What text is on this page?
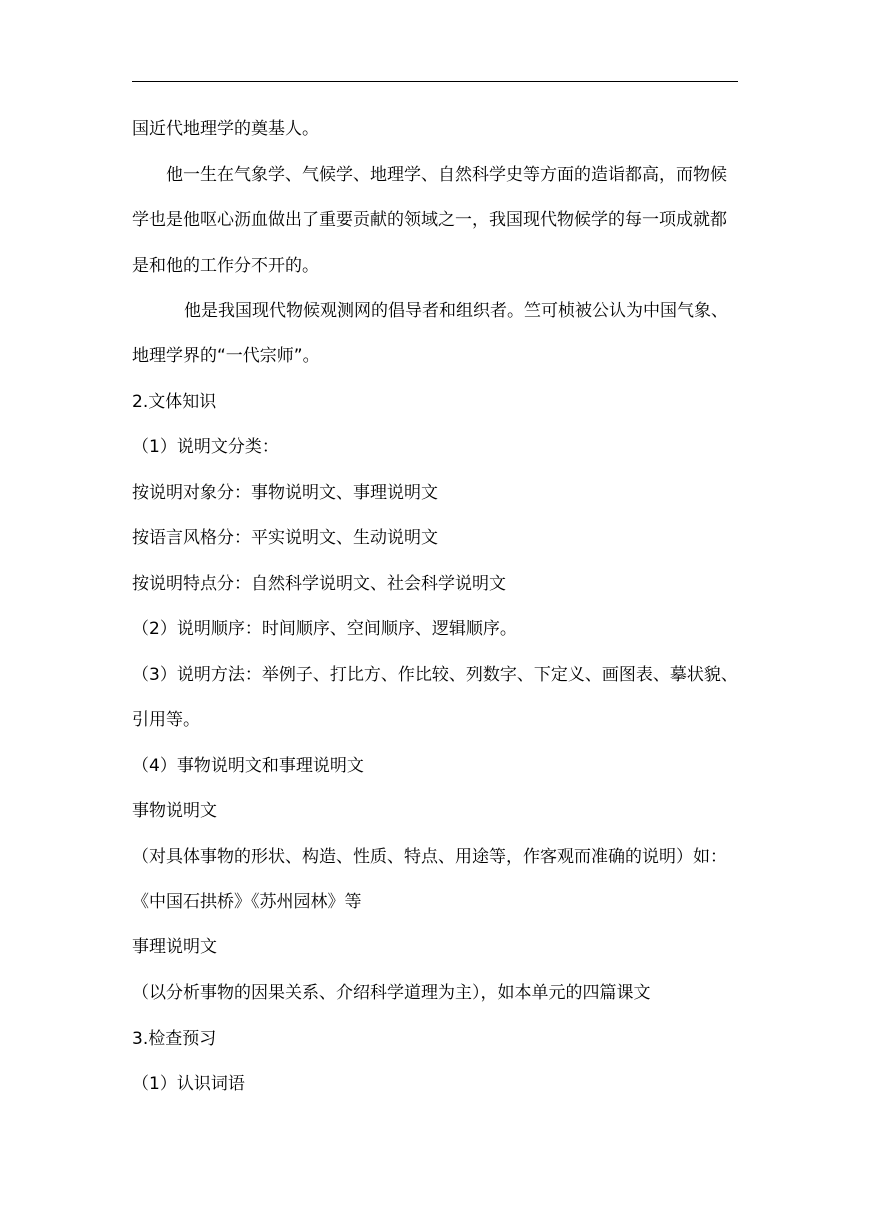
国近代地理学的奠基人。
他一生在气象学、气候学、地理学、自然科学史等方面的造诣都高，而物候
学也是他呕心沥血做出了重要贡献的领域之一，我国现代物候学的每一项成就都
是和他的工作分不开的。
他是我国现代物候观测网的倡导者和组织者。竺可桢被公认为中国气象、
地理学界的“一代宗师”。
2.文体知识
（1）说明文分类：
按说明对象分：事物说明文、事理说明文
按语言风格分：平实说明文、生动说明文
按说明特点分：自然科学说明文、社会科学说明文
（2）说明顺序：时间顺序、空间顺序、逻辑顺序。
（3）说明方法：举例子、打比方、作比较、列数字、下定义、画图表、摹状貌、
引用等。
（4）事物说明文和事理说明文
事物说明文
（对具体事物的形状、构造、性质、特点、用途等，作客观而准确的说明）如：
《中国石拱桥》《苏州园林》等
事理说明文
（以分析事物的因果关系、介绍科学道理为主），如本单元的四篇课文
3.检查预习
（1）认识词语
